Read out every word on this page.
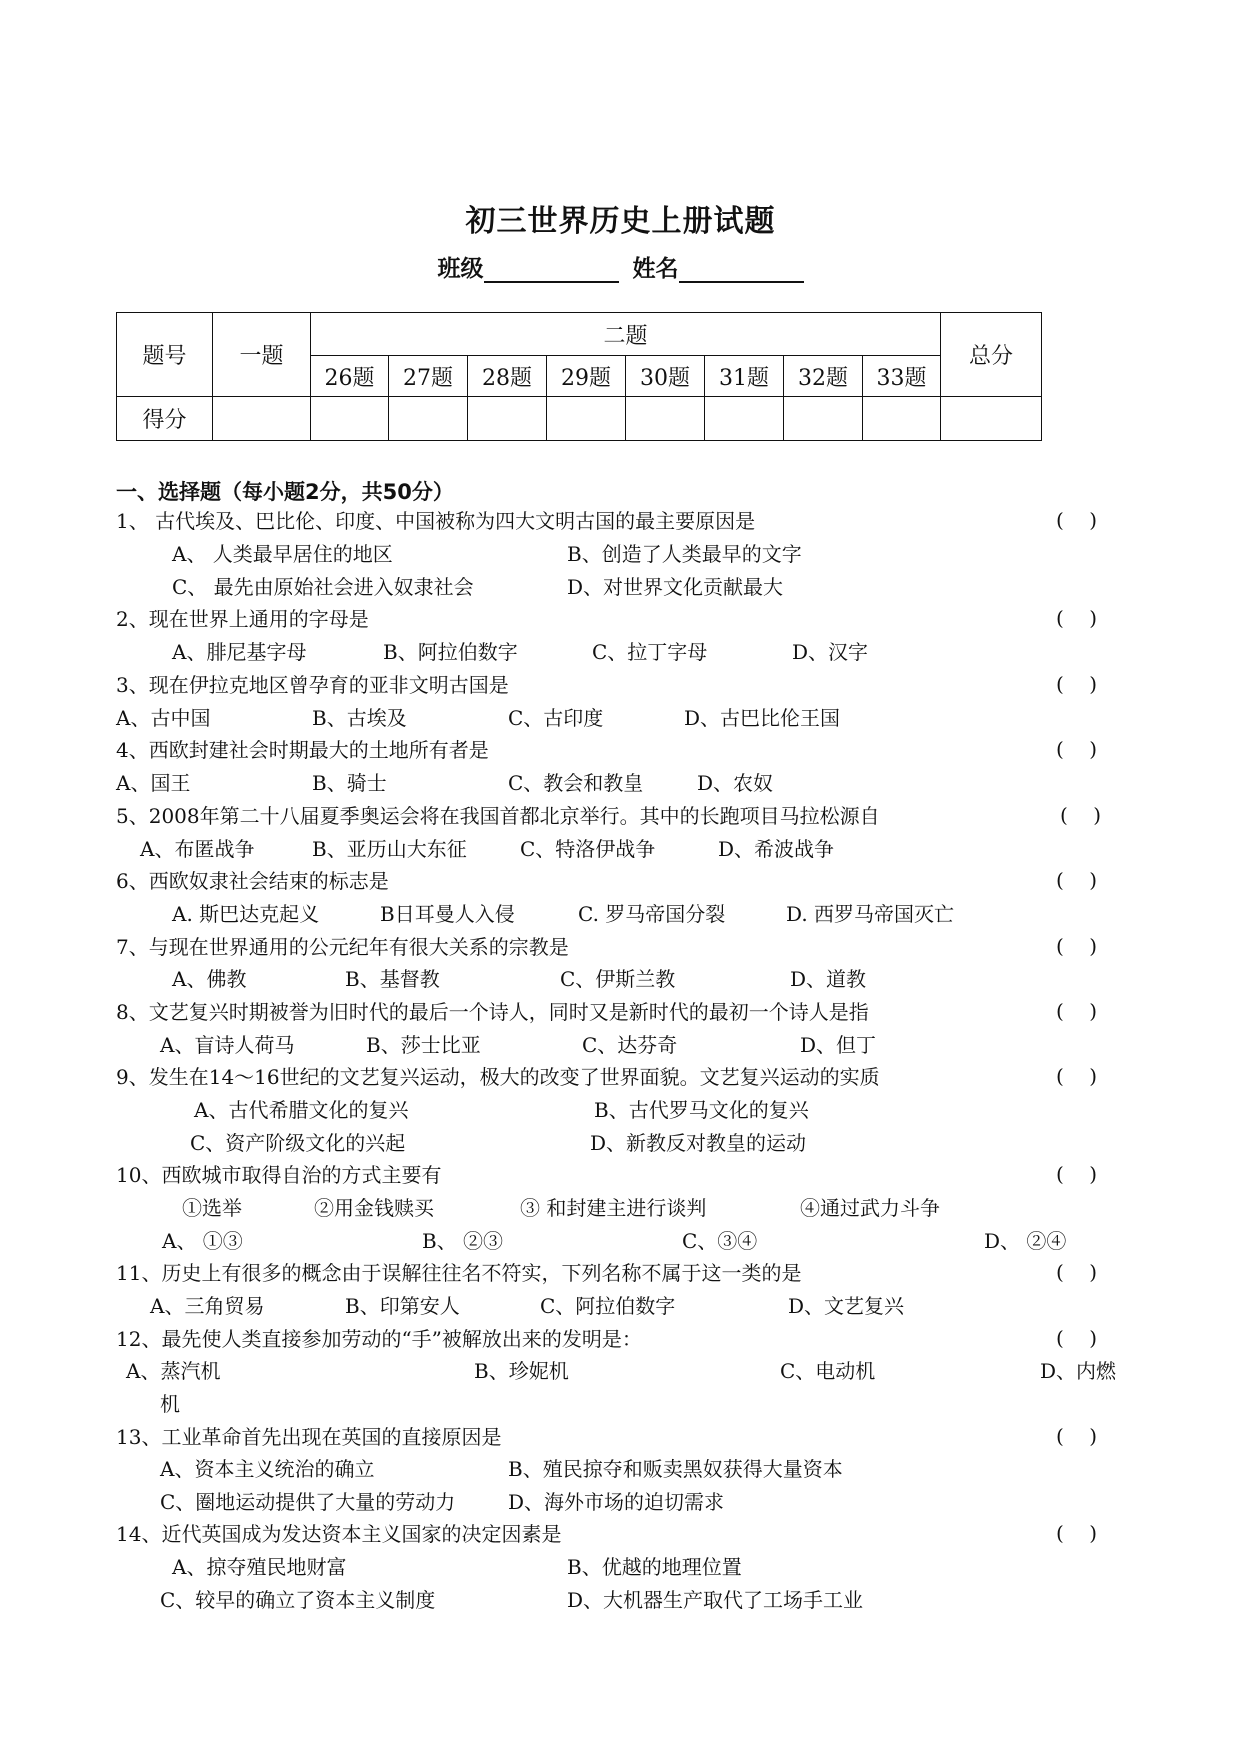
初三世界历史上册试题
班级	姓名
题号	一题	二题								总分
		26题	27题	28题	29题	30题	31题	32题	33题	
得分										
一、选择题（每小题2分，共50分）
1、 古代埃及、巴比伦、印度、中国被称为四大文明古国的最主要原因是	(    )
A、 人类最早居住的地区	B、创造了人类最早的文字
C、 最先由原始社会进入奴隶社会	D、对世界文化贡献最大
2、现在世界上通用的字母是	(    )
A、腓尼基字母	B、阿拉伯数字	C、拉丁字母	D、汉字
3、现在伊拉克地区曾孕育的亚非文明古国是	(    )
A、古中国	B、古埃及	C、古印度	D、古巴比伦王国
4、西欧封建社会时期最大的土地所有者是	(    )
A、国王	B、骑士	C、教会和教皇	D、农奴
5、2008年第二十八届夏季奥运会将在我国首都北京举行。其中的长跑项目马拉松源自	(    )
A、布匿战争	B、亚历山大东征	C、特洛伊战争	D、希波战争
6、西欧奴隶社会结束的标志是	(    )
A. 斯巴达克起义	B日耳曼人入侵	C. 罗马帝国分裂	D. 西罗马帝国灭亡
7、与现在世界通用的公元纪年有很大关系的宗教是	(    )
A、佛教	B、基督教	C、伊斯兰教	D、道教
8、文艺复兴时期被誉为旧时代的最后一个诗人，同时又是新时代的最初一个诗人是指	(    )
A、盲诗人荷马	B、莎士比亚	C、达芬奇	D、但丁
9、发生在14～16世纪的文艺复兴运动，极大的改变了世界面貌。文艺复兴运动的实质	(    )
A、古代希腊文化的复兴	B、古代罗马文化的复兴
C、资产阶级文化的兴起	D、新教反对教皇的运动
10、西欧城市取得自治的方式主要有	(    )
①选举	②用金钱赎买	③ 和封建主进行谈判	④通过武力斗争
A、 ①③	B、 ②③	C、③④	D、 ②④
11、历史上有很多的概念由于误解往往名不符实，下列名称不属于这一类的是	(    )
A、三角贸易	B、印第安人	C、阿拉伯数字	D、文艺复兴
12、最先使人类直接参加劳动的“手”被解放出来的发明是：	(    )
A、蒸汽机	B、珍妮机	C、电动机	D、内燃
机
13、工业革命首先出现在英国的直接原因是	(    )
A、资本主义统治的确立	B、殖民掠夺和贩卖黑奴获得大量资本
C、圈地运动提供了大量的劳动力	D、海外市场的迫切需求
14、近代英国成为发达资本主义国家的决定因素是	(    )
A、掠夺殖民地财富	B、优越的地理位置
C、较早的确立了资本主义制度	D、大机器生产取代了工场手工业
